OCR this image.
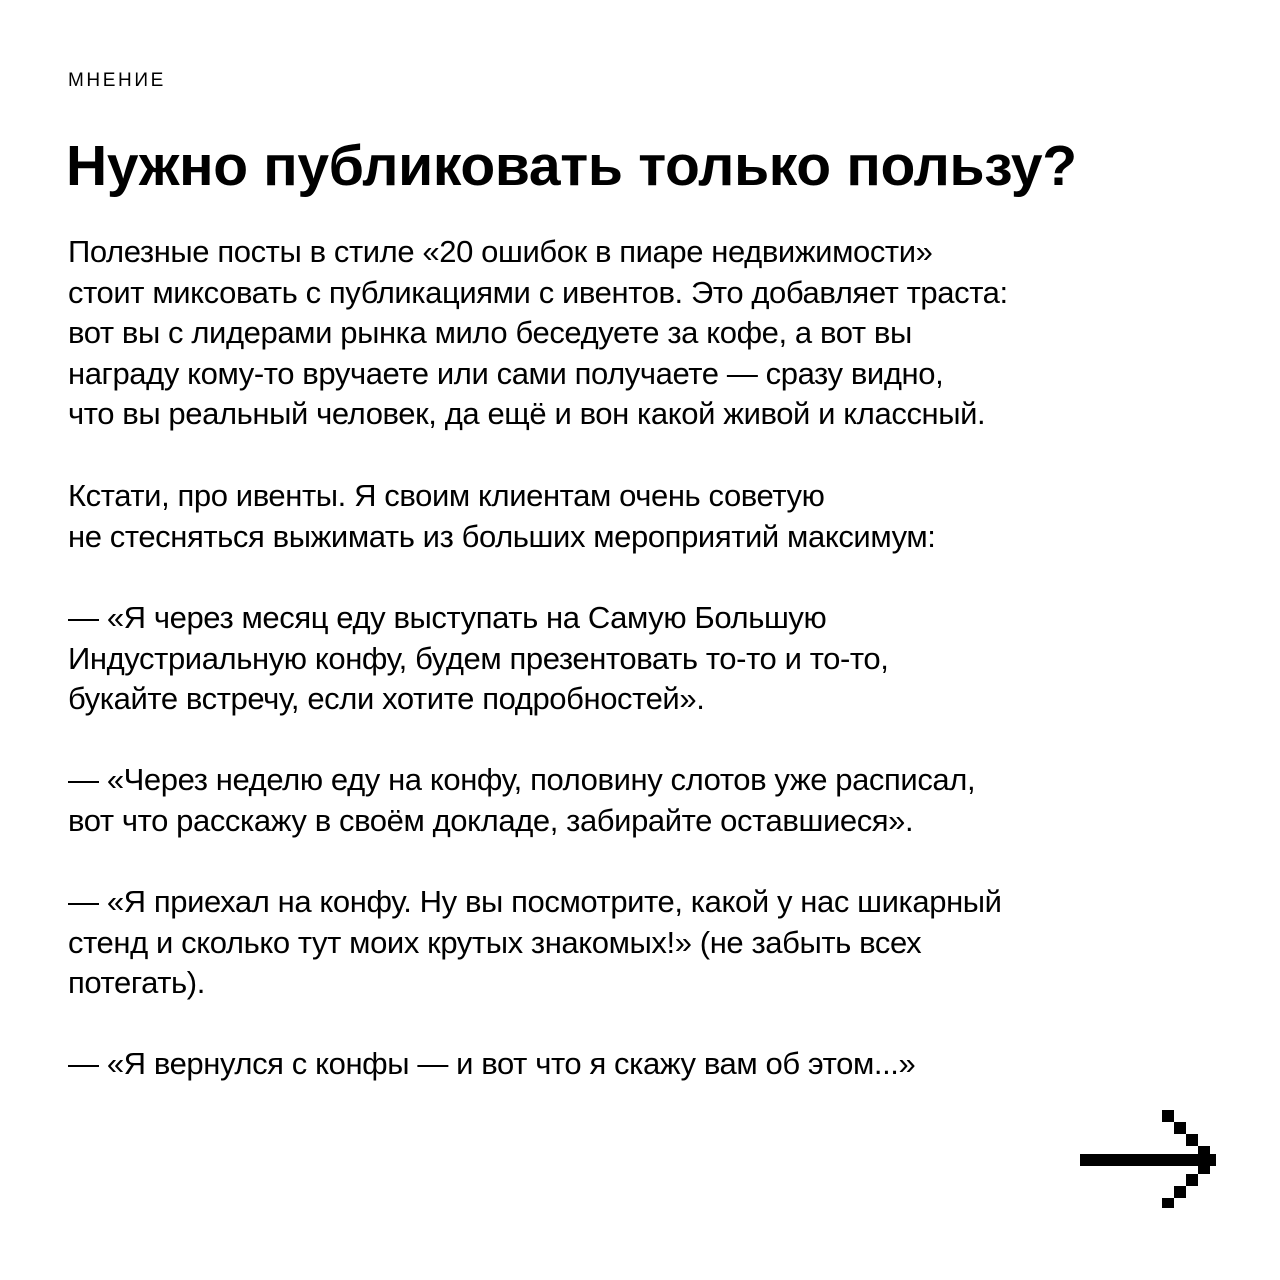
МНЕНИЕ
Нужно публиковать только пользу?

Полезные посты в стиле «20 ошибок в пиаре недвижимости»
стоит миксовать с публикациями с ивентов. Это добавляет траста:
вот вы с лидерами рынка мило беседуете за кофе, а вот вы
награду кому-то вручаете или сами получаете — сразу видно,
что вы реальный человек, да ещё и вон какой живой и классный.

Кстати, про ивенты. Я своим клиентам очень советую
не стесняться выжимать из больших мероприятий максимум:

— «Я через месяц еду выступать на Самую Большую
Индустриальную конфу, будем презентовать то-то и то-то,
букайте встречу, если хотите подробностей».

— «Через неделю еду на конфу, половину слотов уже расписал,
вот что расскажу в своём докладе, забирайте оставшиеся».

— «Я приехал на конфу. Ну вы посмотрите, какой у нас шикарный
стенд и сколько тут моих крутых знакомых!» (не забыть всех
потегать).

— «Я вернулся с конфы — и вот что я скажу вам об этом...»
